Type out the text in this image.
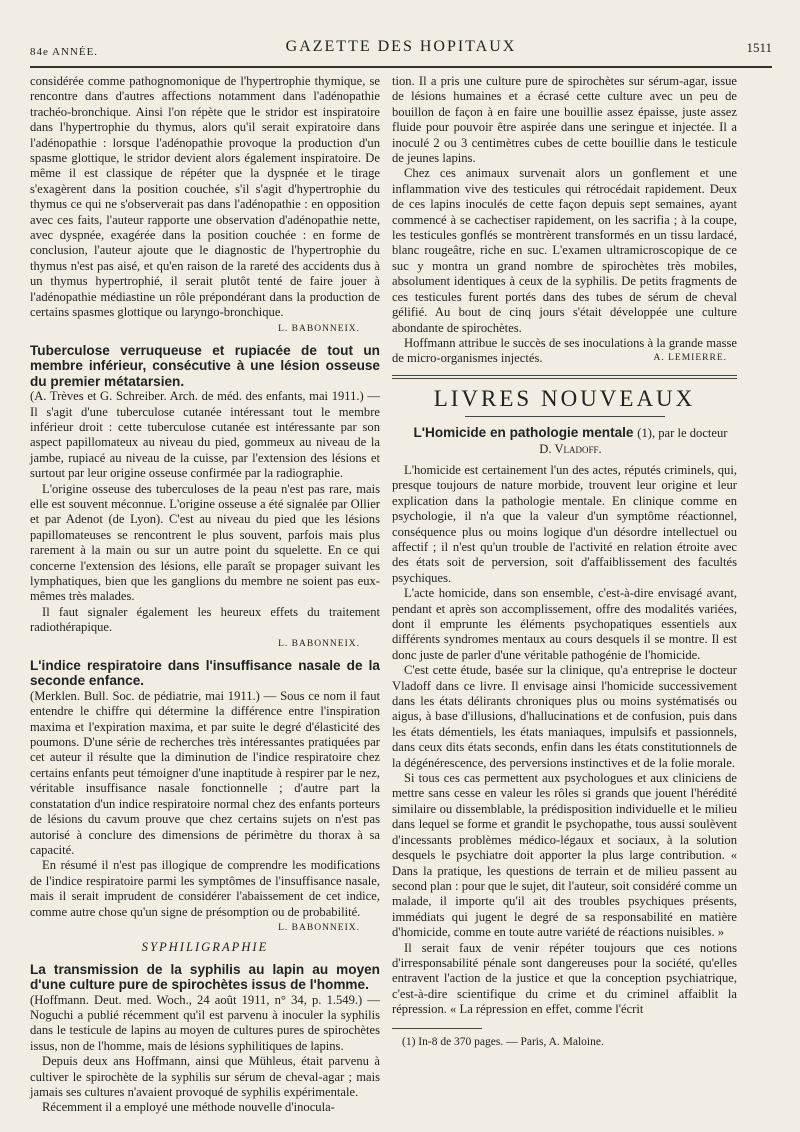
84e ANNÉE.	GAZETTE DES HOPITAUX	1511

considérée comme pathognomonique de l'hypertrophie thymique, se rencontre dans d'autres affections notamment dans l'adénopathie trachéo-bronchique. Ainsi l'on répète que le stridor est inspiratoire dans l'hypertrophie du thymus, alors qu'il serait expiratoire dans l'adénopathie : lorsque l'adénopathie provoque la production d'un spasme glottique, le stridor devient alors également inspiratoire. De même il est classique de répéter que la dyspnée et le tirage s'exagèrent dans la position couchée, s'il s'agit d'hypertrophie du thymus ce qui ne s'observerait pas dans l'adénopathie : en opposition avec ces faits, l'auteur rapporte une observation d'adénopathie nette, avec dyspnée, exagérée dans la position couchée : en forme de conclusion, l'auteur ajoute que le diagnostic de l'hypertrophie du thymus n'est pas aisé, et qu'en raison de la rareté des accidents dus à un thymus hypertrophié, il serait plutôt tenté de faire jouer à l'adénopathie médiastine un rôle prépondérant dans la production de certains spasmes glottique ou laryngo-bronchique.

L. BABONNEIX.
Tuberculose verruqueuse et rupiacée de tout un membre inférieur, consécutive à une lésion osseuse du premier métatarsien.

(A. Trèves et G. Schreiber. Arch. de méd. des enfants, mai 1911.) — Il s'agit d'une tuberculose cutanée intéressant tout le membre inférieur droit : cette tuberculose cutanée est intéressante par son aspect papillomateux au niveau du pied, gommeux au niveau de la jambe, rupiacé au niveau de la cuisse, par l'extension des lésions et surtout par leur origine osseuse confirmée par la radiographie.

L'origine osseuse des tuberculoses de la peau n'est pas rare, mais elle est souvent méconnue. L'origine osseuse a été signalée par Ollier et par Adenot (de Lyon). C'est au niveau du pied que les lésions papillomateuses se rencontrent le plus souvent, parfois mais plus rarement à la main ou sur un autre point du squelette. En ce qui concerne l'extension des lésions, elle paraît se propager suivant les lymphatiques, bien que les ganglions du membre ne soient pas eux-mêmes très malades.

Il faut signaler également les heureux effets du traitement radiothérapique.

L. BABONNEIX.
L'indice respiratoire dans l'insuffisance nasale de la seconde enfance.

(Merklen. Bull. Soc. de pédiatrie, mai 1911.) — Sous ce nom il faut entendre le chiffre qui détermine la différence entre l'inspiration maxima et l'expiration maxima, et par suite le degré d'élasticité des poumons. D'une série de recherches très intéressantes pratiquées par cet auteur il résulte que la diminution de l'indice respiratoire chez certains enfants peut témoigner d'une inaptitude à respirer par le nez, véritable insuffisance nasale fonctionnelle ; d'autre part la constatation d'un indice respiratoire normal chez des enfants porteurs de lésions du cavum prouve que chez certains sujets on n'est pas autorisé à conclure des dimensions de périmètre du thorax à sa capacité.

En résumé il n'est pas illogique de comprendre les modifications de l'indice respiratoire parmi les symptômes de l'insuffisance nasale, mais il serait imprudent de considérer l'abaissement de cet indice, comme autre chose qu'un signe de présomption ou de probabilité.

L. BABONNEIX.
SYPHILIGRAPHIE
La transmission de la syphilis au lapin au moyen d'une culture pure de spirochètes issus de l'homme.

(Hoffmann. Deut. med. Woch., 24 août 1911, n° 34, p. 1.549.) — Noguchi a publié récemment qu'il est parvenu à inoculer la syphilis dans le testicule de lapins au moyen de cultures pures de spirochètes issus, non de l'homme, mais de lésions syphilitiques de lapins.

Depuis deux ans Hoffmann, ainsi que Mühleus, était parvenu à cultiver le spirochète de la syphilis sur sérum de cheval-agar ; mais jamais ses cultures n'avaient provoqué de syphilis expérimentale.

Récemment il a employé une méthode nouvelle d'inocula-

tion. Il a pris une culture pure de spirochètes sur sérum-agar, issue de lésions humaines et a écrasé cette culture avec un peu de bouillon de façon à en faire une bouillie assez épaisse, juste assez fluide pour pouvoir être aspirée dans une seringue et injectée. Il a inoculé 2 ou 3 centimètres cubes de cette bouillie dans le testicule de jeunes lapins.

Chez ces animaux survenait alors un gonflement et une inflammation vive des testicules qui rétrocédait rapidement. Deux de ces lapins inoculés de cette façon depuis sept semaines, ayant commencé à se cachectiser rapidement, on les sacrifia ; à la coupe, les testicules gonflés se montrèrent transformés en un tissu lardacé, blanc rougeâtre, riche en suc. L'examen ultramicroscopique de ce suc y montra un grand nombre de spirochètes très mobiles, absolument identiques à ceux de la syphilis. De petits fragments de ces testicules furent portés dans des tubes de sérum de cheval gélifié. Au bout de cinq jours s'était développée une culture abondante de spirochètes.

Hoffmann attribue le succès de ses inoculations à la grande masse de micro-organismes injectés.	A. LEMIERRE.

LIVRES NOUVEAUX

L'Homicide en pathologie mentale (1), par le docteur

D. Vladoff.

L'homicide est certainement l'un des actes, réputés criminels, qui, presque toujours de nature morbide, trouvent leur origine et leur explication dans la pathologie mentale. En clinique comme en psychologie, il n'a que la valeur d'un symptôme réactionnel, conséquence plus ou moins logique d'un désordre intellectuel ou affectif ; il n'est qu'un trouble de l'activité en relation étroite avec des états soit de perversion, soit d'affaiblissement des facultés psychiques.

L'acte homicide, dans son ensemble, c'est-à-dire envisagé avant, pendant et après son accomplissement, offre des modalités variées, dont il emprunte les éléments psychopatiques essentiels aux différents syndromes mentaux au cours desquels il se montre. Il est donc juste de parler d'une véritable pathogénie de l'homicide.

C'est cette étude, basée sur la clinique, qu'a entreprise le docteur Vladoff dans ce livre. Il envisage ainsi l'homicide successivement dans les états délirants chroniques plus ou moins systématisés ou aigus, à base d'illusions, d'hallucinations et de confusion, puis dans les états démentiels, les états maniaques, impulsifs et passionnels, dans ceux dits états seconds, enfin dans les états constitutionnels de la dégénérescence, des perversions instinctives et de la folie morale.

Si tous ces cas permettent aux psychologues et aux cliniciens de mettre sans cesse en valeur les rôles si grands que jouent l'hérédité similaire ou dissemblable, la prédisposition individuelle et le milieu dans lequel se forme et grandit le psychopathe, tous aussi soulèvent d'incessants problèmes médico-légaux et sociaux, à la solution desquels le psychiatre doit apporter la plus large contribution. « Dans la pratique, les questions de terrain et de milieu passent au second plan : pour que le sujet, dit l'auteur, soit considéré comme un malade, il importe qu'il ait des troubles psychiques présents, immédiats qui jugent le degré de sa responsabilité en matière d'homicide, comme en toute autre variété de réactions nuisibles. »

Il serait faux de venir répéter toujours que ces notions d'irresponsabilité pénale sont dangereuses pour la société, qu'elles entravent l'action de la justice et que la conception psychiatrique, c'est-à-dire scientifique du crime et du criminel affaiblit la répression. « La répression en effet, comme l'écrit

(1) In-8 de 370 pages. — Paris, A. Maloine.
